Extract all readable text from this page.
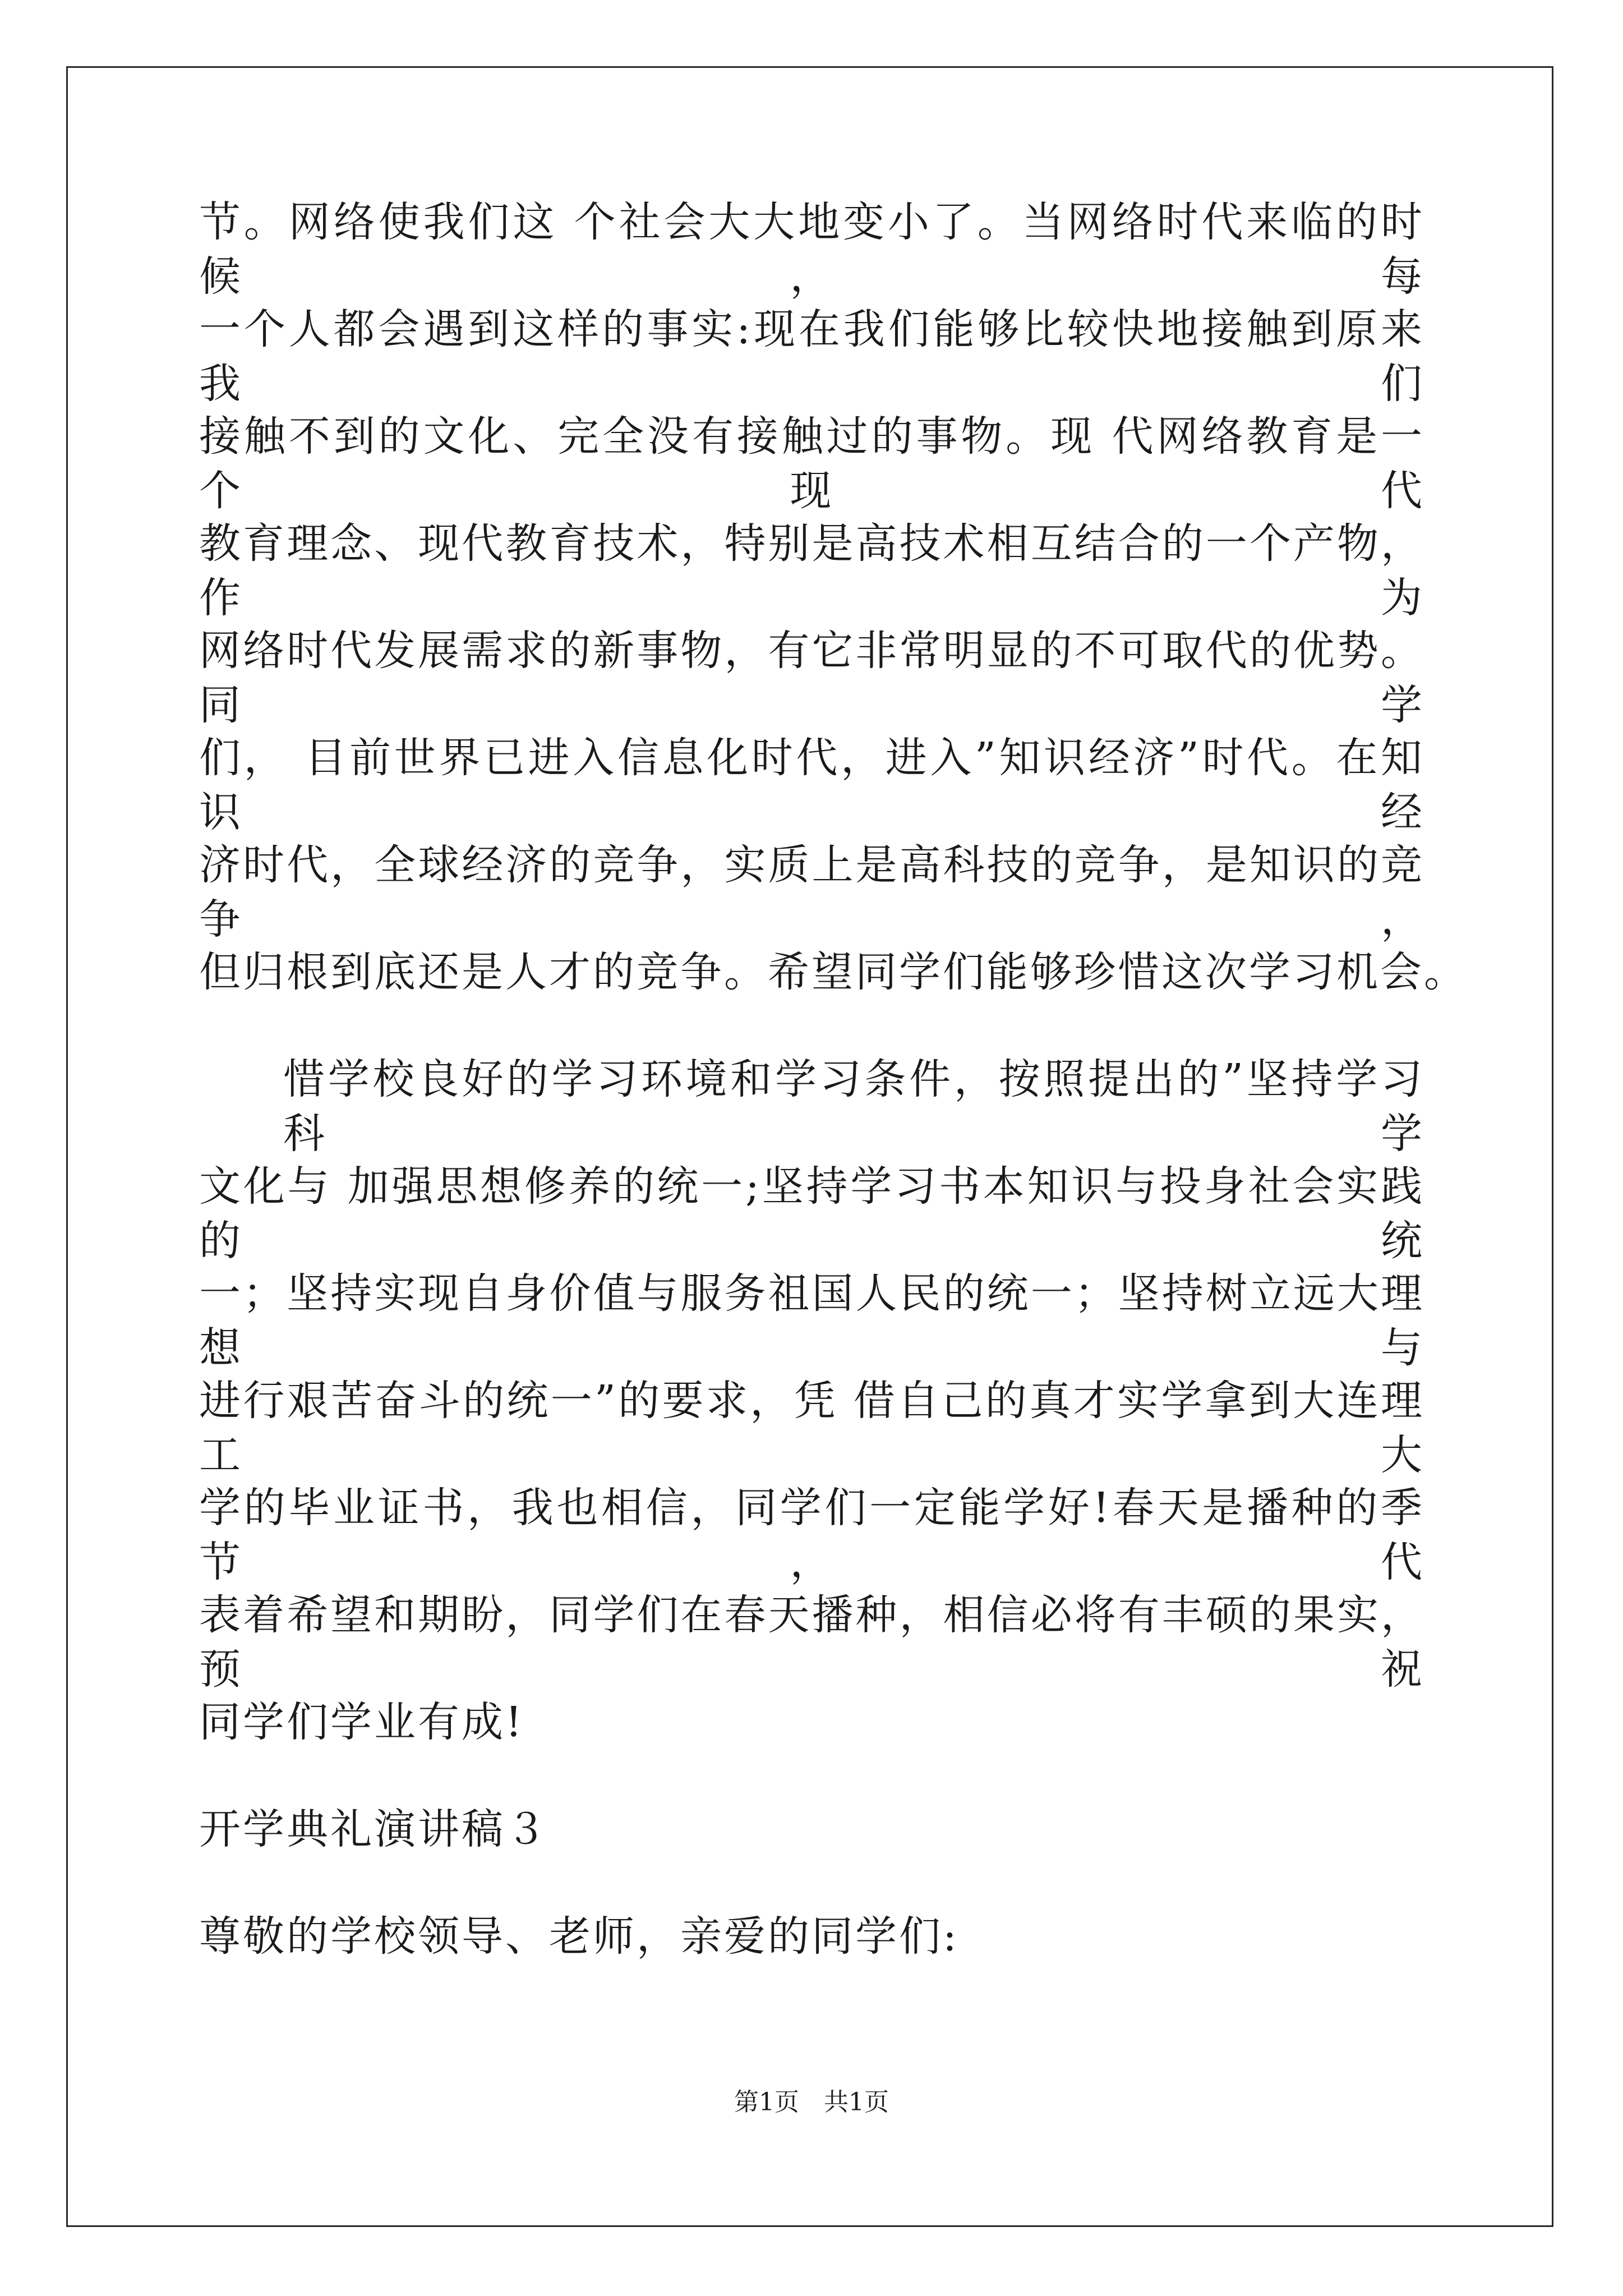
节。网络使我们这 个社会大大地变小了。当网络时代来临的时候，每
一个人都会遇到这样的事实:现在我们能够比较快地接触到原来我们
接触不到的文化、完全没有接触过的事物。现 代网络教育是一个现代
教育理念、现代教育技术，特别是高技术相互结合的一个产物，作为
网络时代发展需求的新事物，有它非常明显的不可取代的优势。同学
们， 目前世界已进入信息化时代，进入”知识经济”时代。在知识经
济时代，全球经济的竞争，实质上是高科技的竞争，是知识的竞争，
但归根到底还是人才的竞争。希望同学们能够珍惜这次学习机会。
惜学校良好的学习环境和学习条件，按照提出的”坚持学习科学
文化与 加强思想修养的统一;坚持学习书本知识与投身社会实践的统
一；坚持实现自身价值与服务祖国人民的统一；坚持树立远大理想与
进行艰苦奋斗的统一”的要求，凭 借自己的真才实学拿到大连理工大
学的毕业证书，我也相信，同学们一定能学好!春天是播种的季节，代
表着希望和期盼，同学们在春天播种，相信必将有丰硕的果实，预祝
同学们学业有成!
开学典礼演讲稿３
尊敬的学校领导、老师，亲爱的同学们:
第1页　共1页
